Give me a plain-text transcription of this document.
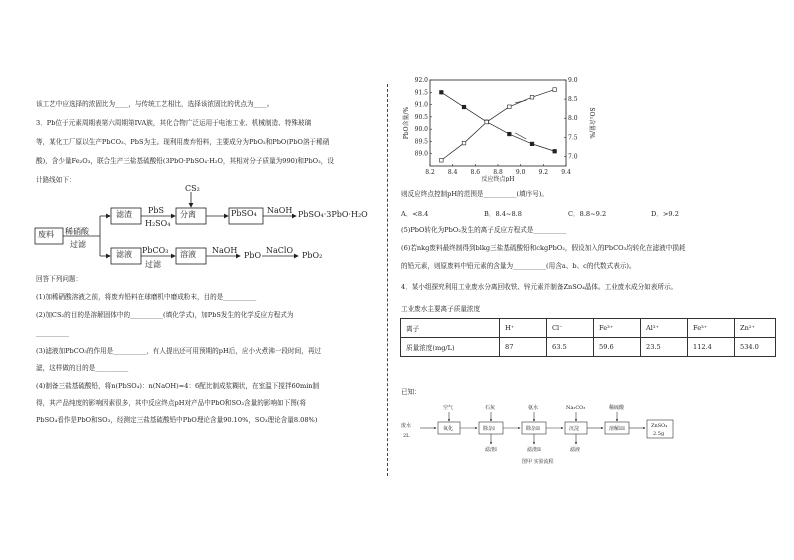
该工艺中应选择的浓固比为____，与传统工艺相比，选择该浓固比的优点为____。
3．Pb位于元素周期表第六周期第IVA族，其化合物广泛运用于电池工业、机械制造、特殊玻璃
等，某化工厂原以生产PbCO₃、PbS为主。现利用废弃铅料，主要成分为PbO₂和PbO(PbO溶于稀硝
酸)，含少量Fe₂O₃，联合生产三盐基硫酸铅(3PbO·PbSO₄·H₂O，其相对分子质量为990)和PbO₂，设
计路线如下：
废料 稀硝酸
过滤
滤渣 PbS
H₂SO₄
CS₂
分离	PbSO₄ NaOH PbSO₄·3PbO·H₂O
滤液 PbCO₃
过滤
溶液 NaOH
PbO
NaClO
PbO₂
回答下列问题：
(1)加稀硝酸溶液之前，将废弃铅料在球磨机中磨成粉末，目的是__________
(2)加CS₂的目的是溶解固体中的__________(填化学式)，加PbS发生的化学反应方程式为
__________
(3)滤液加PbCO₃的作用是__________，有人提出还可用预期的pH后，应小火煮沸一段时间，再过
滤，这样做的目的是__________
(4)制备三盐基硫酸铅，将n(PbSO₄)：n(NaOH)=4：6配比制成浆糊状，在室温下搅拌60min制
得，其产品纯度的影响因素很多，其中反应终点pH对产品中PbO和SO₃含量的影响如下图(将
PbSO₄看作是PbO和SO₃，经测定三盐基硫酸铅中PbO理论含量90.10%，SO₃理论含量8.08%)
8.2 8.4 8.6 8.8 9.0 9.2 9.4
89.0
89.5
90.0
90.5
91.0
91.5
92.0
7.0
7.5
8.0
8.5
9.0
反应终点pH
PbO含量/%	SO₃含量/%
则反应终点控制pH的范围是__________(填序号)。
A．<8.4	B．8.4~8.8	C．8.8~9.2	D．>9.2
(5)PbO转化为PbO₂发生的离子反应方程式是__________
(6)若nkg废料最终制得到blkg三盐基硫酸铅和ckgPbO₂，假设加入的PbCO₃均转化在滤液中损耗
的铅元素，则原废料中铅元素的含量为__________(用含a、b、c的代数式表示)。
4．某小组探究利用工业废水分离回收铁、锌元素并制备ZnSO₄晶体。工业废水成分如表所示。
工业废水主要离子质量浓度
离子	H⁺	Cl⁻	Fe³⁺	Al³⁺	Fe³⁺	Zn²⁺
质量浓度(mg/L)	87	63.5	59.6	23.5	112.4	534.0
已知：
废水
2L
空气
氧化
石灰
除杂I
滤渣I
氨水
除杂II
滤渣II
Na₂CO₃
沉淀
滤液
稀硫酸
溶解III	ZnSO₄
2.5g
图甲 实验流程
